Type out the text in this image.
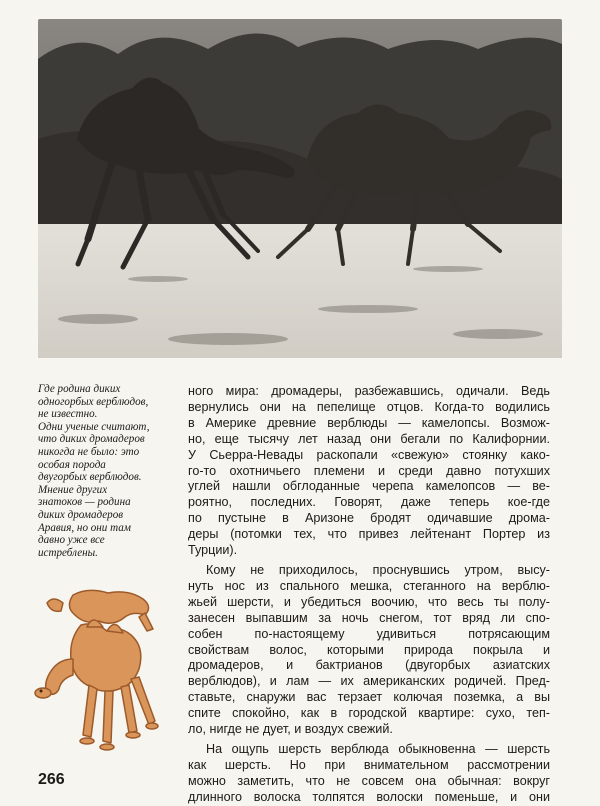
Где родина диких
одногорбых верблюдов,
не известно.
Одни ученые считают,
что диких дромадеров
никогда не было: это
особая порода
двугорбых верблюдов.
Мнение других
знатоков — родина
диких дромадеров
Аравия, но они там
давно уже все
истреблены.

ного мира: дромадеры, разбежавшись, одичали. Ведь
вернулись они на пепелище отцов. Когда-то водились
в Америке древние верблюды — камелопсы. Возмож-
но, еще тысячу лет назад они бегали по Калифорнии.
У Сьерра-Невады раскопали «свежую» стоянку како-
го-то охотничьего племени и среди давно потухших
углей нашли обглоданные черепа камелопсов — ве-
роятно, последних. Говорят, даже теперь кое-где
по пустыне в Аризоне бродят одичавшие дрома-
деры (потомки тех, что привез лейтенант Портер из
Турции).
Кому не приходилось, проснувшись утром, высу-
нуть нос из спального мешка, стеганного на верблю-
жьей шерсти, и убедиться воочию, что весь ты полу-
занесен выпавшим за ночь снегом, тот вряд ли спо-
собен по-настоящему удивиться потрясающим
свойствам волос, которыми природа покрыла и
дромадеров, и бактрианов (двугорбых азиатских
верблюдов), и лам — их американских родичей. Пред-
ставьте, снаружи вас терзает колючая поземка, а вы
спите спокойно, как в городской квартире: сухо, теп-
ло, нигде не дует, и воздух свежий.
На ощупь шерсть верблюда обыкновенна — шерсть
как шерсть. Но при внимательном рассмотрении
можно заметить, что не совсем она обычная: вокруг
длинного волоска толпятся волоски поменьше, и они
266
